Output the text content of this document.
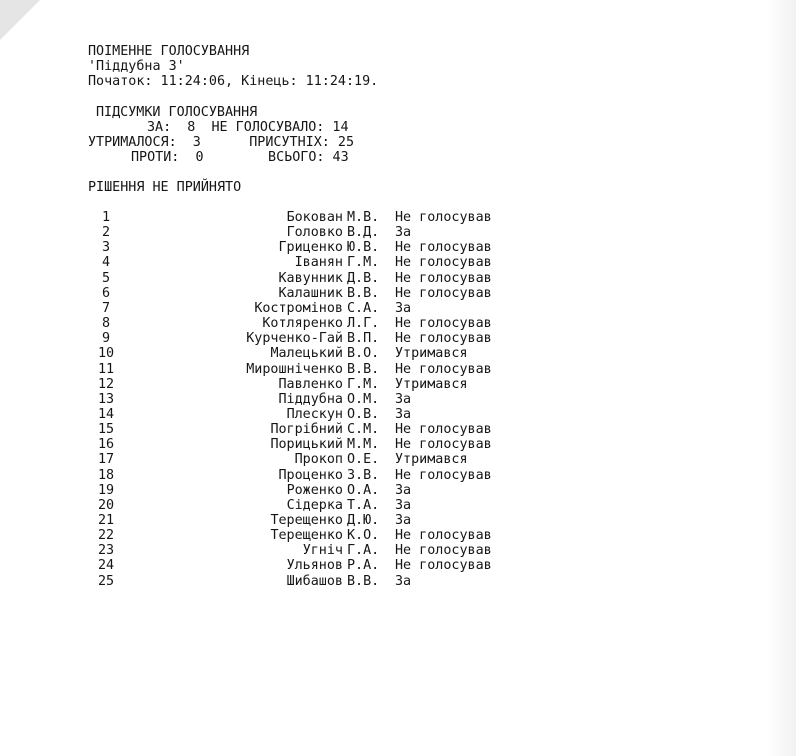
ПОІМЕННЕ ГОЛОСУВАННЯ

'Піддубна З'

Початок: 11:24:06, Кінець: 11:24:19.

ПІДСУМКИ ГОЛОСУВАННЯ

ЗА:  8  НЕ ГОЛОСУВАЛО: 14

УТРИМАЛОСЯ:  3      ПРИСУТНІХ: 25

ПРОТИ:  0        ВСЬОГО: 43

РІШЕННЯ НЕ ПРИЙНЯТО

1	Бокован М.В. Не голосував
2	Головко В.Д. За
3	Гриценко Ю.В. Не голосував
4	Іванян Г.М. Не голосував
5	Кавунник Д.В. Не голосував
6	Калашник В.В. Не голосував
7	Костромінов С.А. За
8	Котляренко Л.Г. Не голосував
9	Курченко-Гай В.П. Не голосував
10	Малецький В.О. Утримався
11	Мирошніченко В.В. Не голосував
12	Павленко Г.М. Утримався
13	Піддубна О.М. За
14	Плескун О.В. За
15	Погрібний С.М. Не голосував
16	Порицький М.М. Не голосував
17	Прокоп О.Е. Утримався
18	Проценко З.В. Не голосував
19	Роженко О.А. За
20	Сідерка Т.А. За
21	Терещенко Д.Ю. За
22	Терещенко К.О. Не голосував
23	Угніч Г.А. Не голосував
24	Ульянов Р.А. Не голосував
25	Шибашов В.В. За
